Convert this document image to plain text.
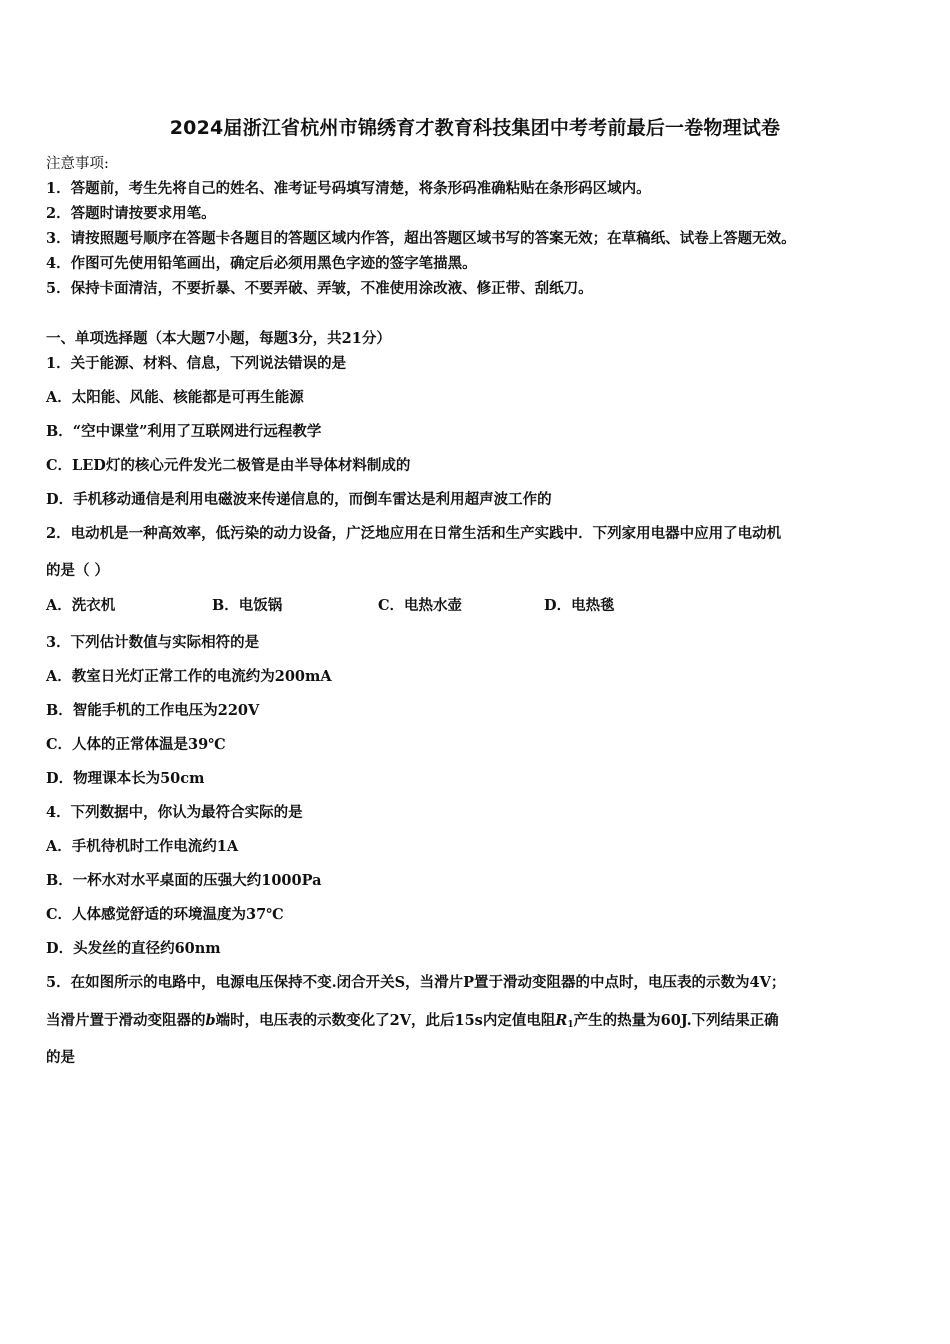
2024届浙江省杭州市锦绣育才教育科技集团中考考前最后一卷物理试卷
注意事项:
1．答题前，考生先将自己的姓名、准考证号码填写清楚，将条形码准确粘贴在条形码区域内。
2．答题时请按要求用笔。
3．请按照题号顺序在答题卡各题目的答题区域内作答，超出答题区域书写的答案无效；在草稿纸、试卷上答题无效。
4．作图可先使用铅笔画出，确定后必须用黑色字迹的签字笔描黑。
5．保持卡面清洁，不要折暴、不要弄破、弄皱，不准使用涂改液、修正带、刮纸刀。
一、单项选择题（本大题7小题，每题3分，共21分）
1．关于能源、材料、信息，下列说法错误的是
A．太阳能、风能、核能都是可再生能源
B．“空中课堂”利用了互联网进行远程教学
C．LED灯的核心元件发光二极管是由半导体材料制成的
D．手机移动通信是利用电磁波来传递信息的，而倒车雷达是利用超声波工作的
2．电动机是一种高效率，低污染的动力设备，广泛地应用在日常生活和生产实践中．下列家用电器中应用了电动机
的是（ ）
A．洗衣机	B．电饭锅	C．电热水壶	D．电热毯
3．下列估计数值与实际相符的是
A．教室日光灯正常工作的电流约为200mA
B．智能手机的工作电压为220V
C．人体的正常体温是39℃
D．物理课本长为50cm
4．下列数据中，你认为最符合实际的是
A．手机待机时工作电流约1A
B．一杯水对水平桌面的压强大约1000Pa
C．人体感觉舒适的环境温度为37℃
D．头发丝的直径约60nm
5．在如图所示的电路中，电源电压保持不变.闭合开关S，当滑片P置于滑动变阻器的中点时，电压表的示数为4V；
当滑片置于滑动变阻器的b端时，电压表的示数变化了2V，此后15s内定值电阻$R_1$产生的热量为60J.下列结果正确
的是
